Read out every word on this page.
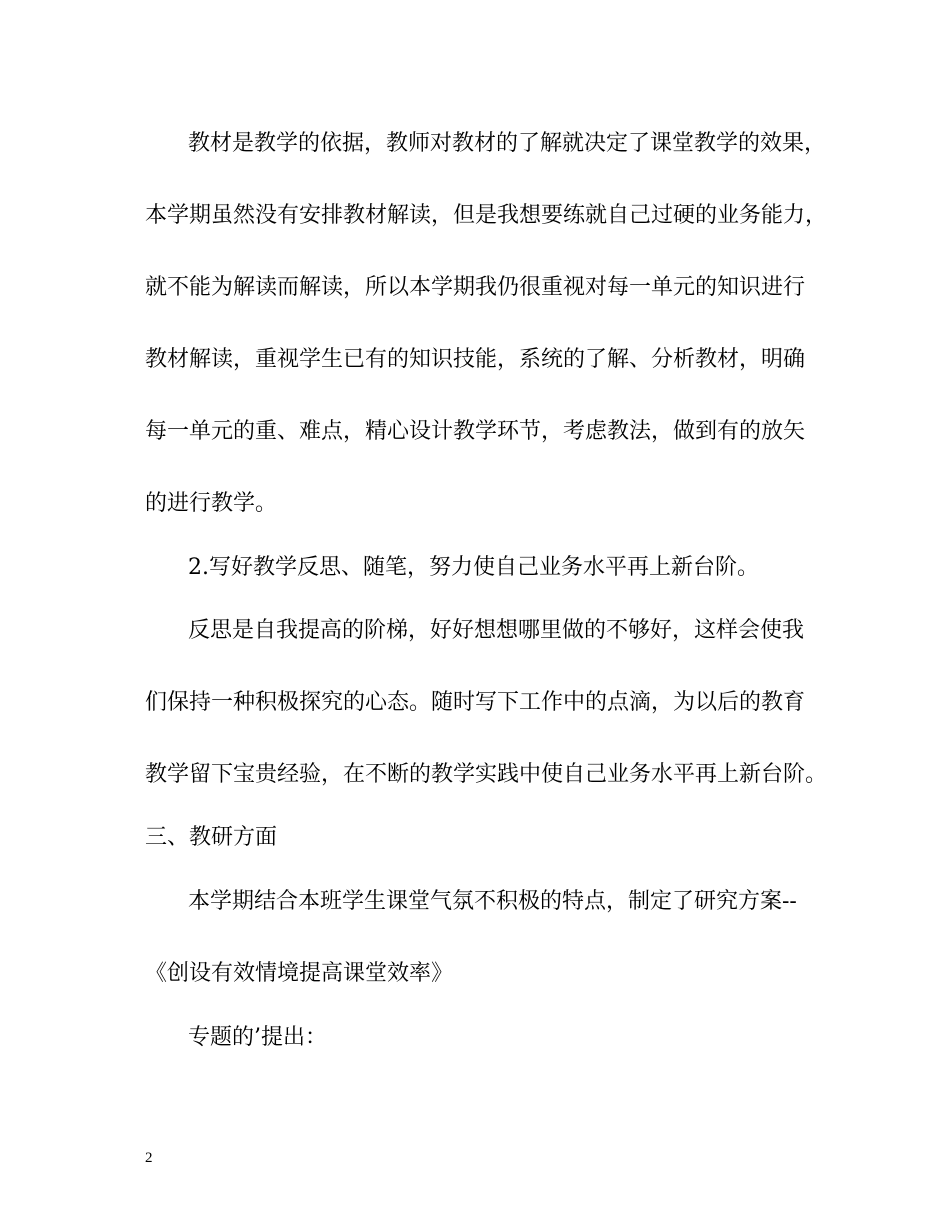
教材是教学的依据，教师对教材的了解就决定了课堂教学的效果，
本学期虽然没有安排教材解读，但是我想要练就自己过硬的业务能力，
就不能为解读而解读，所以本学期我仍很重视对每一单元的知识进行
教材解读，重视学生已有的知识技能，系统的了解、分析教材，明确
每一单元的重、难点，精心设计教学环节，考虑教法，做到有的放矢
的进行教学。
2.写好教学反思、随笔，努力使自己业务水平再上新台阶。
反思是自我提高的阶梯，好好想想哪里做的不够好，这样会使我
们保持一种积极探究的心态。随时写下工作中的点滴，为以后的教育
教学留下宝贵经验，在不断的教学实践中使自己业务水平再上新台阶。
三、教研方面
本学期结合本班学生课堂气氛不积极的特点，制定了研究方案--
《创设有效情境提高课堂效率》
专题的’提出：
2
